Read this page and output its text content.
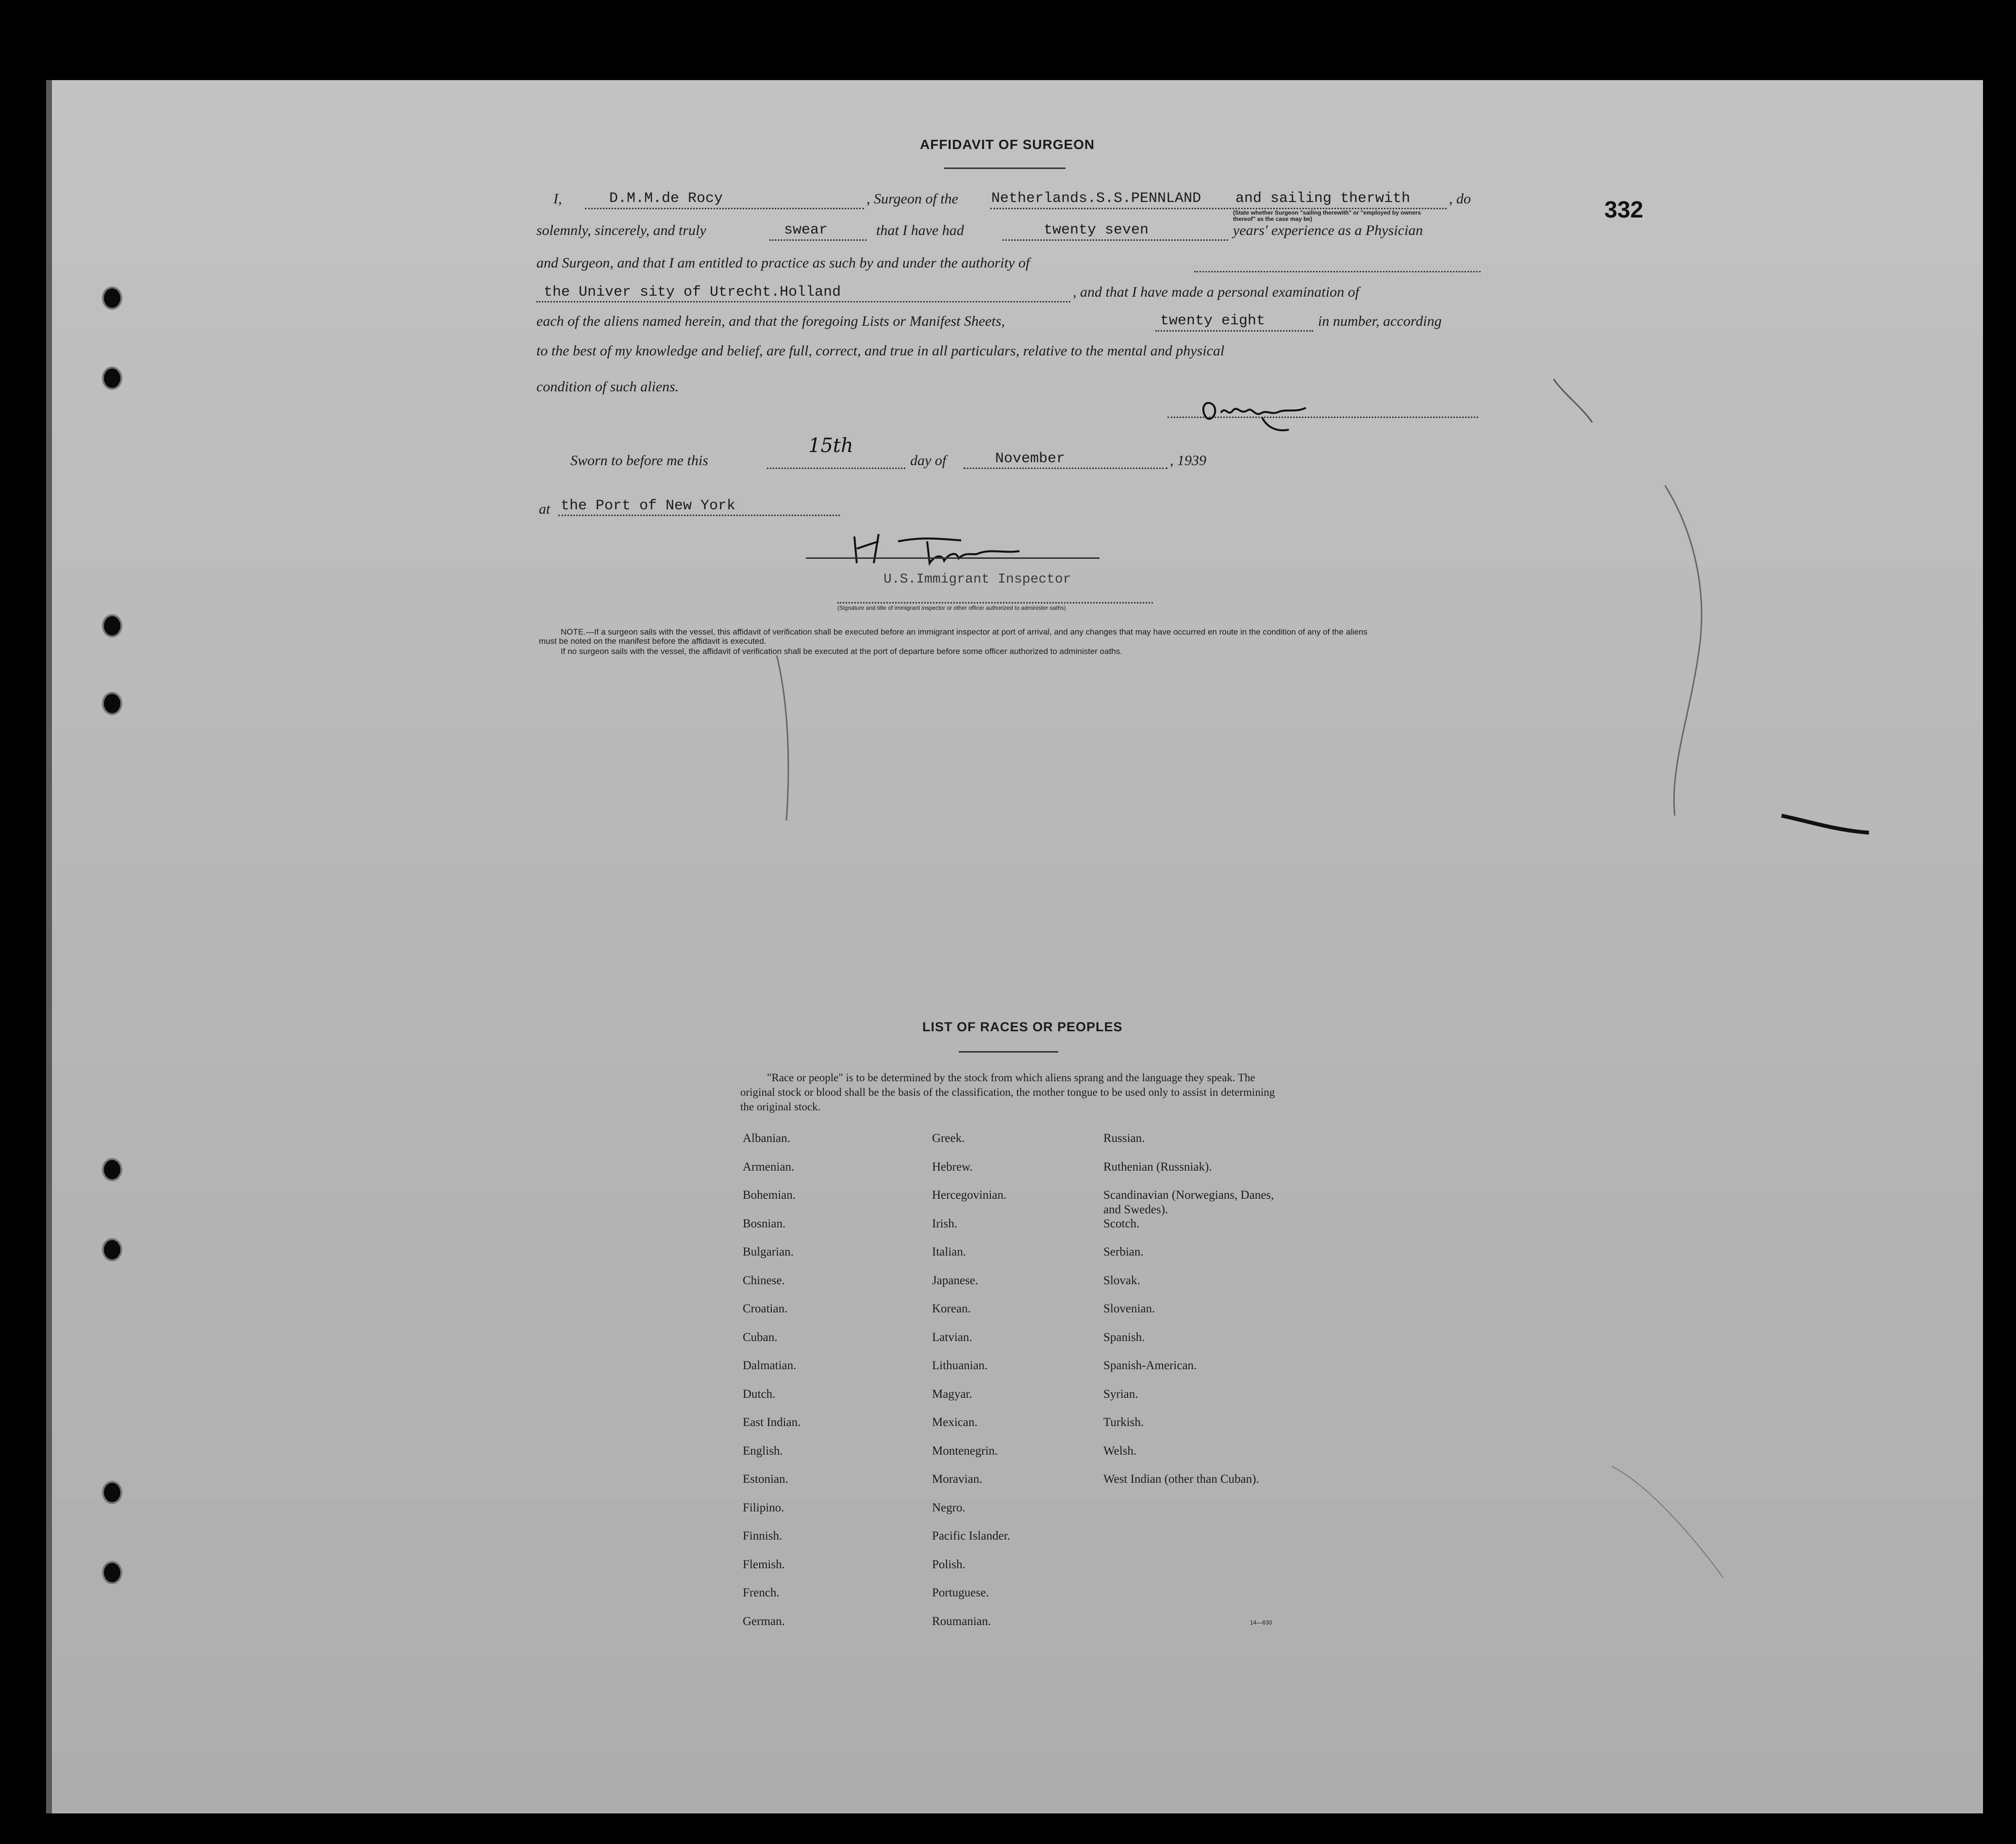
332
AFFIDAVIT OF SURGEON
I,	D.M.M.de Rocy	, Surgeon of the Netherlands.S.S.PENNLAND and sailing therwith	, do
(State whether Surgeon "sailing therewith" or "employed by owners thereof" as the case may be)
solemnly, sincerely, and truly	swear	that I have had	twenty seven	years' experience as a Physician
and Surgeon, and that I am entitled to practice as such by and under the authority of
the Univer sity of Utrecht.Holland	, and that I have made a personal examination of
each of the aliens named herein, and that the foregoing Lists or Manifest Sheets,	twenty eight	in number, according
to the best of my knowledge and belief, are full, correct, and true in all particulars, relative to the mental and physical
condition of such aliens.
Sworn to before me this
15th
day of	November	, 1939
at the Port of New York
U.S.Immigrant Inspector
(Signature and title of immigrant inspector or other officer authorized to administer oaths)
NOTE.—If a surgeon sails with the vessel, this affidavit of verification shall be executed before an immigrant inspector at port of arrival, and any changes that may have occurred en route in the condition of any of the aliens must be noted on the manifest before the affidavit is executed.
If no surgeon sails with the vessel, the affidavit of verification shall be executed at the port of departure before some officer authorized to administer oaths.
LIST OF RACES OR PEOPLES
"Race or people" is to be determined by the stock from which aliens sprang and the language they speak. The original stock or blood shall be the basis of the classification, the mother tongue to be used only to assist in determining the original stock.
Albanian.
Armenian.
Bohemian.
Bosnian.
Bulgarian.
Chinese.
Croatian.
Cuban.
Dalmatian.
Dutch.
East Indian.
English.
Estonian.
Filipino.
Finnish.
Flemish.
French.
German.
Greek.
Hebrew.
Hercegovinian.
Irish.
Italian.
Japanese.
Korean.
Latvian.
Lithuanian.
Magyar.
Mexican.
Montenegrin.
Moravian.
Negro.
Pacific Islander.
Polish.
Portuguese.
Roumanian.
Russian.
Ruthenian (Russniak).
Scandinavian (Norwegians, Danes, and Swedes).
Scotch.
Serbian.
Slovak.
Slovenian.
Spanish.
Spanish-American.
Syrian.
Turkish.
Welsh.
West Indian (other than Cuban).
14—630
